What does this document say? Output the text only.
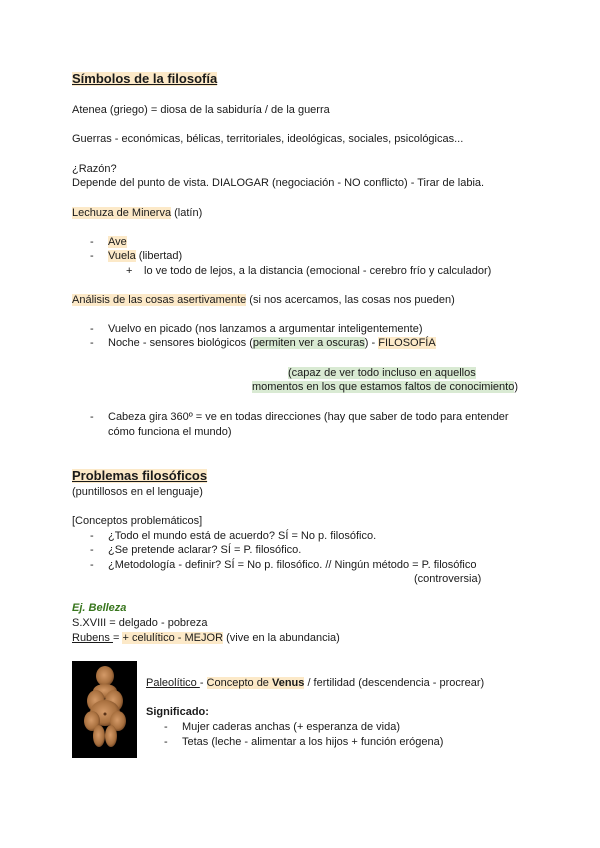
Símbolos de la filosofía
Atenea (griego) = diosa de la sabiduría / de la guerra
Guerras - económicas, bélicas, territoriales, ideológicas, sociales, psicológicas...
¿Razón?
Depende del punto de vista. DIALOGAR (negociación - NO conflicto) - Tirar de labia.
Lechuza de Minerva (latín)
- Ave
- Vuela (libertad)
+ lo ve todo de lejos, a la distancia (emocional - cerebro frío y calculador)
Análisis de las cosas asertivamente (si nos acercamos, las cosas nos pueden)
- Vuelvo en picado (nos lanzamos a argumentar inteligentemente)
- Noche - sensores biológicos (permiten ver a oscuras) - FILOSOFÍA
(capaz de ver todo incluso en aquellos
momentos en los que estamos faltos de conocimiento)
- Cabeza gira 360º = ve en todas direcciones (hay que saber de todo para entender
cómo funciona el mundo)
Problemas filosóficos
(puntillosos en el lenguaje)
[Conceptos problemáticos]
- ¿Todo el mundo está de acuerdo? SÍ = No p. filosófico.
- ¿Se pretende aclarar? SÍ = P. filosófico.
- ¿Metodología - definir? SÍ = No p. filosófico. // Ningún método = P. filosófico
(controversia)
Ej. Belleza
S.XVIII = delgado - pobreza
Rubens = + celulítico - MEJOR (vive en la abundancia)
Paleolítico - Concepto de Venus / fertilidad (descendencia - procrear)
Significado:
- Mujer caderas anchas (+ esperanza de vida)
- Tetas (leche - alimentar a los hijos + función erógena)
